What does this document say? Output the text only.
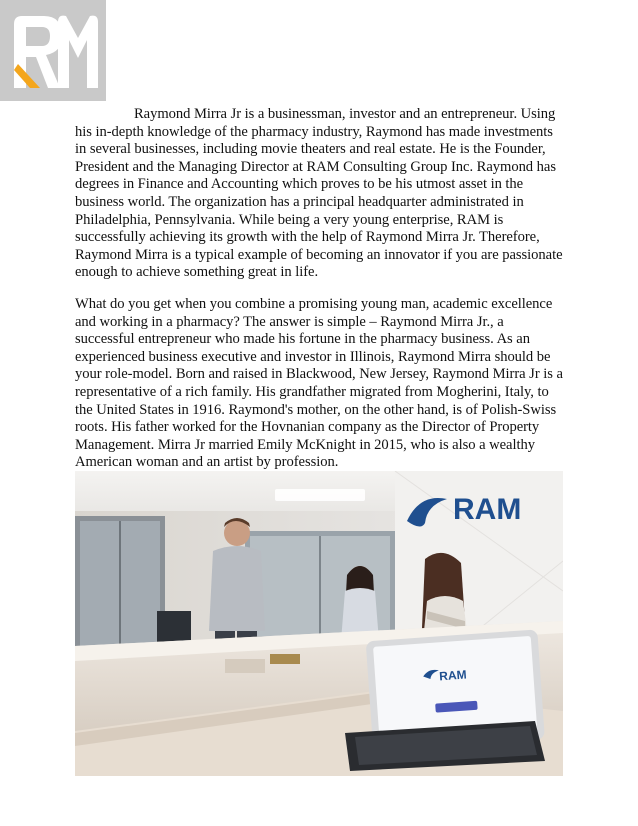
Raymond Mirra Jr is a businessman, investor and an entrepreneur. Using his in-depth knowledge of the pharmacy industry, Raymond has made investments in several businesses, including movie theaters and real estate. He is the Founder, President and the Managing Director at RAM Consulting Group Inc. Raymond has degrees in Finance and Accounting which proves to be his utmost asset in the business world. The organization has a principal headquarter administrated in Philadelphia, Pennsylvania. While being a very young enterprise, RAM is successfully achieving its growth with the help of Raymond Mirra Jr. Therefore, Raymond Mirra is a typical example of becoming an innovator if you are passionate enough to achieve something great in life.

What do you get when you combine a promising young man, academic excellence and working in a pharmacy? The answer is simple – Raymond Mirra Jr., a successful entrepreneur who made his fortune in the pharmacy business. As an experienced business executive and investor in Illinois, Raymond Mirra should be your role-model. Born and raised in Blackwood, New Jersey, Raymond Mirra Jr is a representative of a rich family. His grandfather migrated from Mogherini, Italy, to the United States in 1916. Raymond's mother, on the other hand, is of Polish-Swiss roots. His father worked for the Hovnanian company as the Director of Property Management. Mirra Jr married Emily McKnight in 2015, who is also a wealthy American woman and an artist by profession.

RAM
RAM
